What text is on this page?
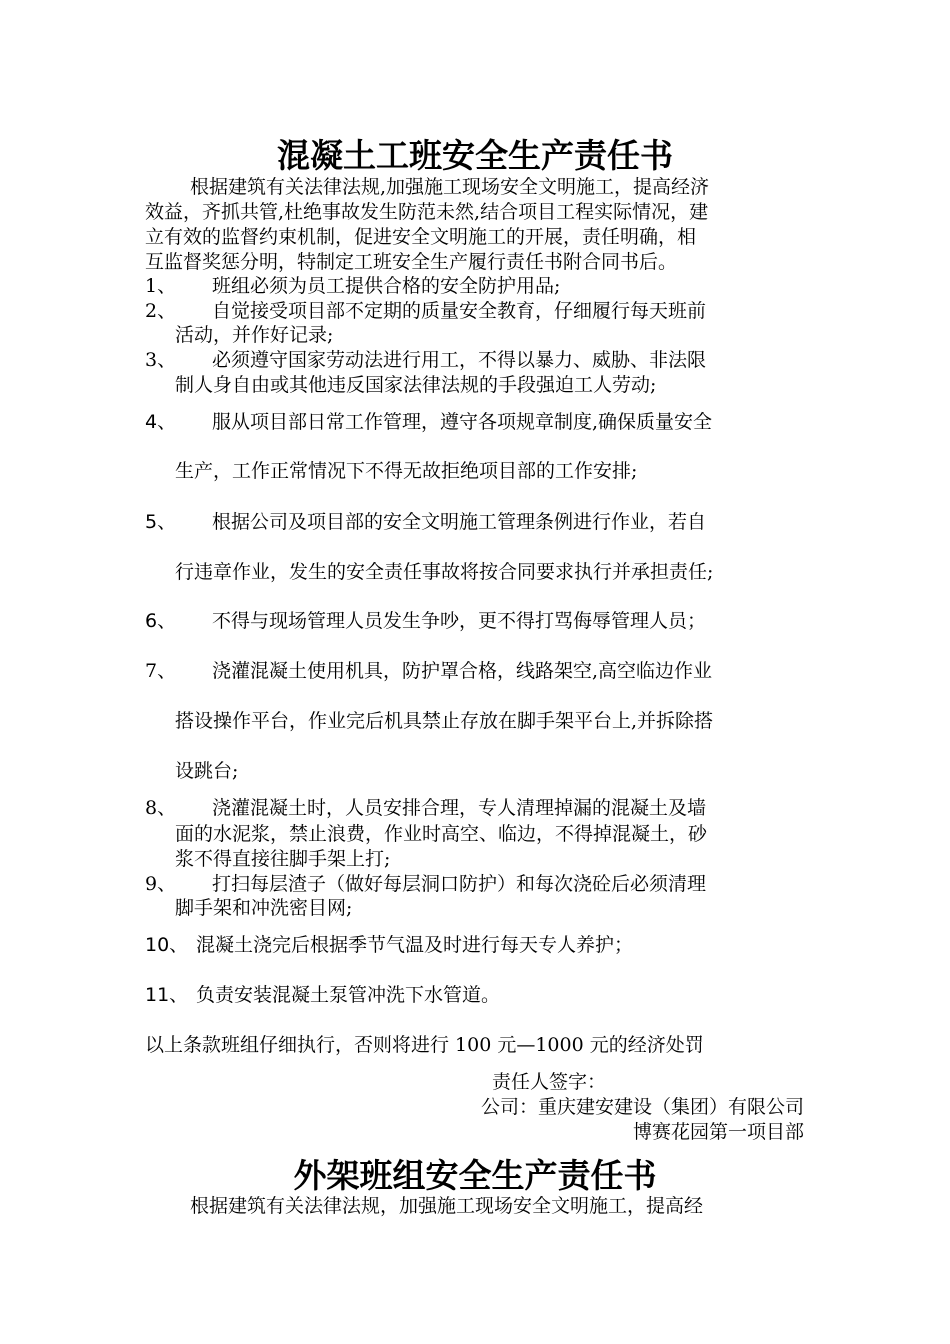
混凝土工班安全生产责任书
根据建筑有关法律法规,加强施工现场安全文明施工，提高经济
效益，齐抓共管,杜绝事故发生防范未然,结合项目工程实际情况，建
立有效的监督约束机制，促进安全文明施工的开展，责任明确，相
互监督奖惩分明，特制定工班安全生产履行责任书附合同书后。
1、 班组必须为员工提供合格的安全防护用品;
2、 自觉接受项目部不定期的质量安全教育，仔细履行每天班前
活动，并作好记录;
3、 必须遵守国家劳动法进行用工，不得以暴力、威胁、非法限
制人身自由或其他违反国家法律法规的手段强迫工人劳动;
4、 服从项目部日常工作管理，遵守各项规章制度,确保质量安全
生产，工作正常情况下不得无故拒绝项目部的工作安排;
5、 根据公司及项目部的安全文明施工管理条例进行作业，若自
行违章作业，发生的安全责任事故将按合同要求执行并承担责任;
6、 不得与现场管理人员发生争吵，更不得打骂侮辱管理人员；
7、 浇灌混凝土使用机具，防护罩合格，线路架空,高空临边作业
搭设操作平台，作业完后机具禁止存放在脚手架平台上,并拆除搭
设跳台;
8、 浇灌混凝土时，人员安排合理，专人清理掉漏的混凝土及墙
面的水泥浆，禁止浪费，作业时高空、临边，不得掉混凝土，砂
浆不得直接往脚手架上打;
9、 打扫每层渣子（做好每层洞口防护）和每次浇砼后必须清理
脚手架和冲洗密目网;
10、 混凝土浇完后根据季节气温及时进行每天专人养护；
11、 负责安装混凝土泵管冲洗下水管道。
以上条款班组仔细执行，否则将进行 100 元—1000 元的经济处罚
责任人签字：
公司：重庆建安建设（集团）有限公司
博赛花园第一项目部
外架班组安全生产责任书
根据建筑有关法律法规，加强施工现场安全文明施工，提高经
